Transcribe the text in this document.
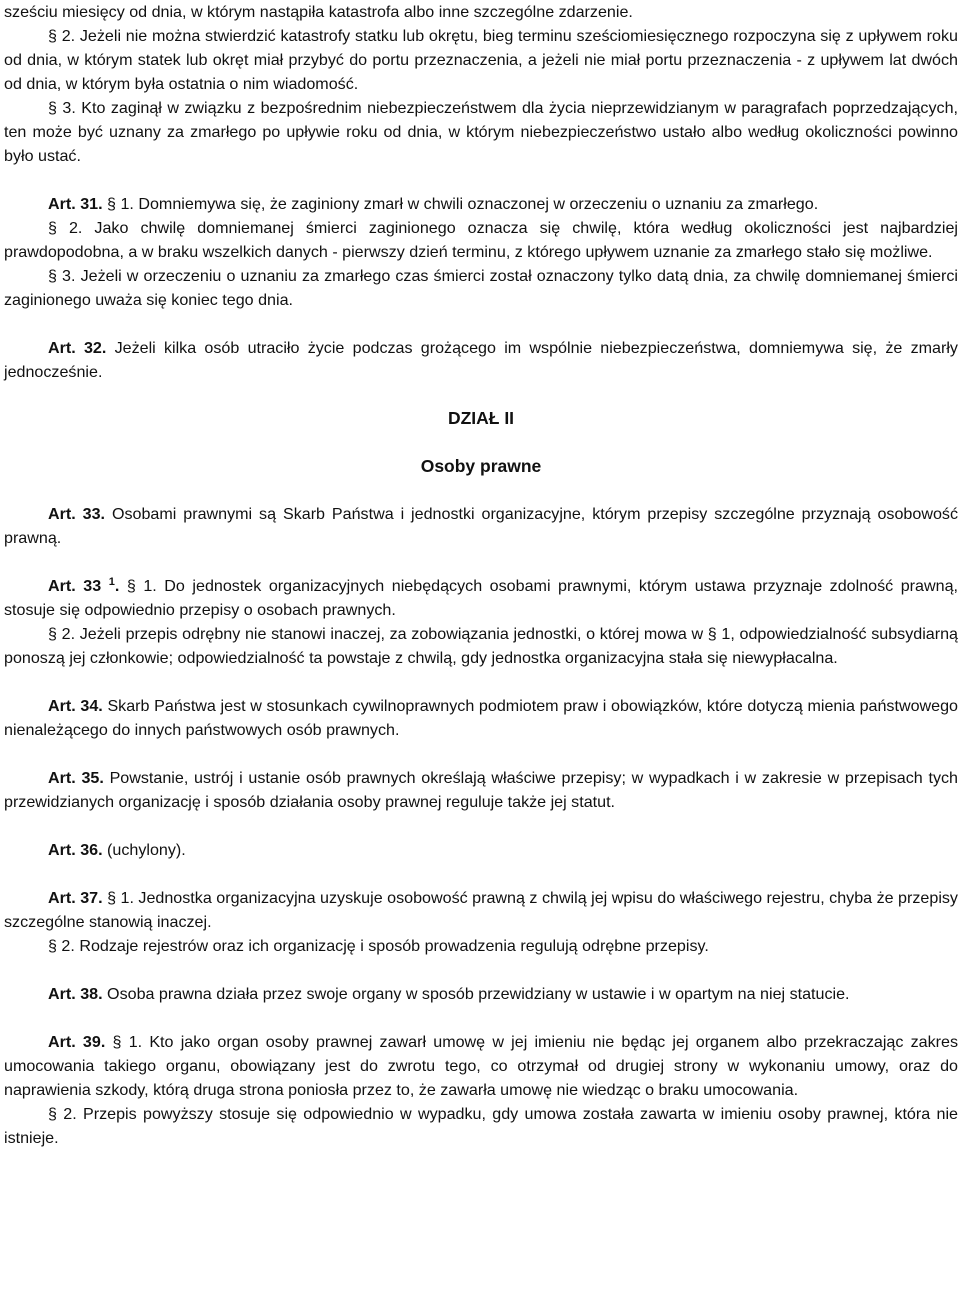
sześciu miesięcy od dnia, w którym nastąpiła katastrofa albo inne szczególne zdarzenie.

§ 2. Jeżeli nie można stwierdzić katastrofy statku lub okrętu, bieg terminu sześciomiesięcznego rozpoczyna się z upływem roku od dnia, w którym statek lub okręt miał przybyć do portu przeznaczenia, a jeżeli nie miał portu przeznaczenia - z upływem lat dwóch od dnia, w którym była ostatnia o nim wiadomość.

§ 3. Kto zaginął w związku z bezpośrednim niebezpieczeństwem dla życia nieprzewidzianym w paragrafach poprzedzających, ten może być uznany za zmarłego po upływie roku od dnia, w którym niebezpieczeństwo ustało albo według okoliczności powinno było ustać.

Art. 31. § 1. Domniemywa się, że zaginiony zmarł w chwili oznaczonej w orzeczeniu o uznaniu za zmarłego.

§ 2. Jako chwilę domniemanej śmierci zaginionego oznacza się chwilę, która według okoliczności jest najbardziej prawdopodobna, a w braku wszelkich danych - pierwszy dzień terminu, z którego upływem uznanie za zmarłego stało się możliwe.

§ 3. Jeżeli w orzeczeniu o uznaniu za zmarłego czas śmierci został oznaczony tylko datą dnia, za chwilę domniemanej śmierci zaginionego uważa się koniec tego dnia.

Art. 32. Jeżeli kilka osób utraciło życie podczas grożącego im wspólnie niebezpieczeństwa, domniemywa się, że zmarły jednocześnie.

DZIAŁ II

Osoby prawne

Art. 33. Osobami prawnymi są Skarb Państwa i jednostki organizacyjne, którym przepisy szczególne przyznają osobowość prawną.

Art. 33 $^1$. § 1. Do jednostek organizacyjnych niebędących osobami prawnymi, którym ustawa przyznaje zdolność prawną, stosuje się odpowiednio przepisy o osobach prawnych.

§ 2. Jeżeli przepis odrębny nie stanowi inaczej, za zobowiązania jednostki, o której mowa w § 1, odpowiedzialność subsydiarną ponoszą jej członkowie; odpowiedzialność ta powstaje z chwilą, gdy jednostka organizacyjna stała się niewypłacalna.

Art. 34. Skarb Państwa jest w stosunkach cywilnoprawnych podmiotem praw i obowiązków, które dotyczą mienia państwowego nienależącego do innych państwowych osób prawnych.

Art. 35. Powstanie, ustrój i ustanie osób prawnych określają właściwe przepisy; w wypadkach i w zakresie w przepisach tych przewidzianych organizację i sposób działania osoby prawnej reguluje także jej statut.

Art. 36. (uchylony).

Art. 37. § 1. Jednostka organizacyjna uzyskuje osobowość prawną z chwilą jej wpisu do właściwego rejestru, chyba że przepisy szczególne stanowią inaczej.

§ 2. Rodzaje rejestrów oraz ich organizację i sposób prowadzenia regulują odrębne przepisy.

Art. 38. Osoba prawna działa przez swoje organy w sposób przewidziany w ustawie i w opartym na niej statucie.

Art. 39. § 1. Kto jako organ osoby prawnej zawarł umowę w jej imieniu nie będąc jej organem albo przekraczając zakres umocowania takiego organu, obowiązany jest do zwrotu tego, co otrzymał od drugiej strony w wykonaniu umowy, oraz do naprawienia szkody, którą druga strona poniosła przez to, że zawarła umowę nie wiedząc o braku umocowania.

§ 2. Przepis powyższy stosuje się odpowiednio w wypadku, gdy umowa została zawarta w imieniu osoby prawnej, która nie istnieje.
